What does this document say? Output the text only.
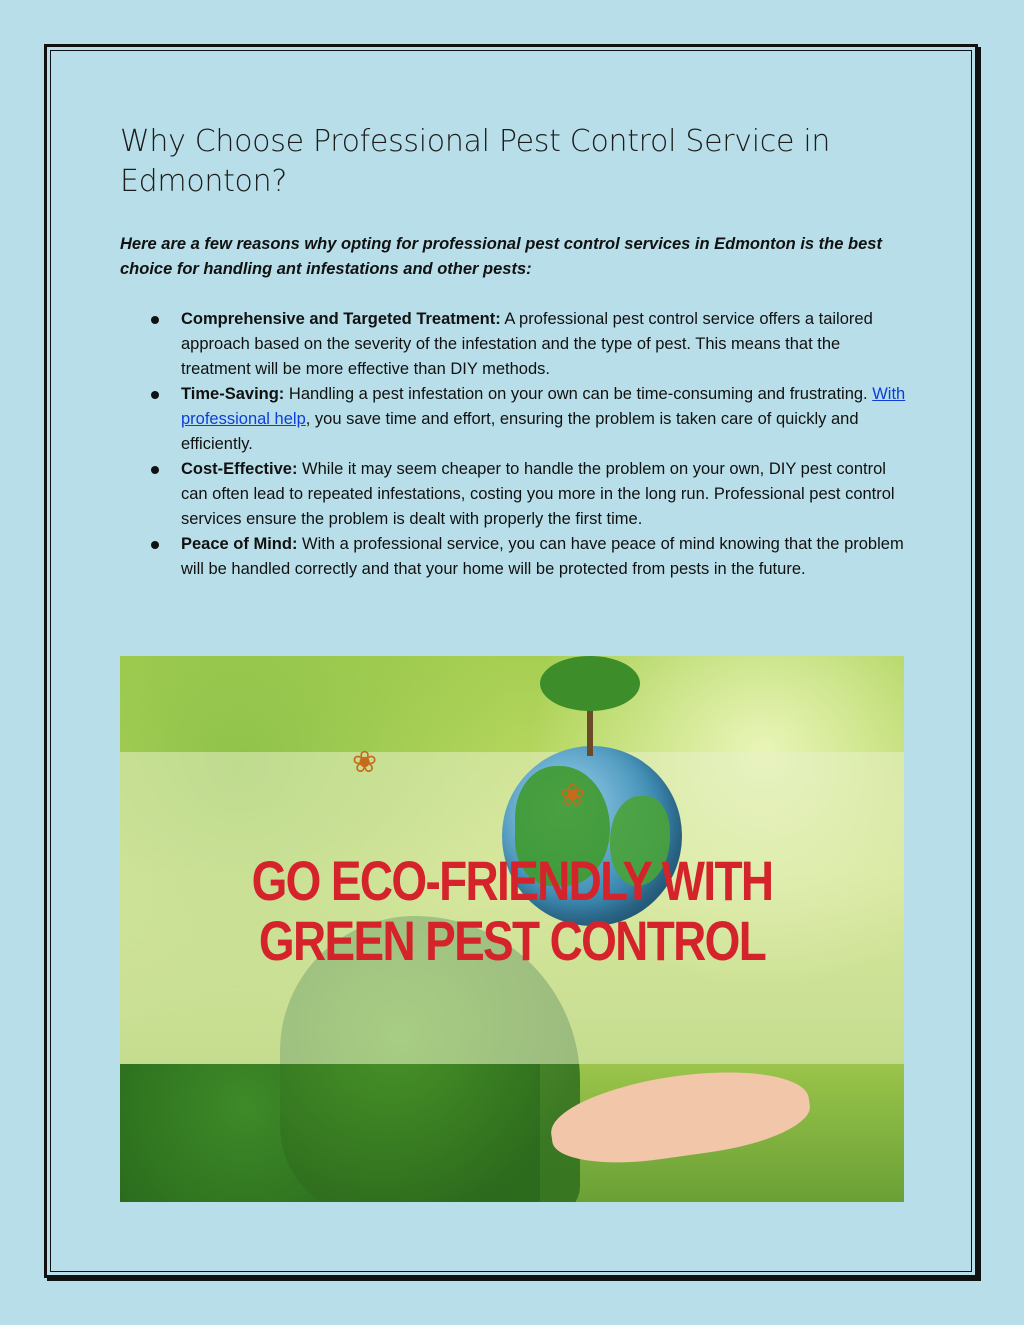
Why Choose Professional Pest Control Service in Edmonton?

Here are a few reasons why opting for professional pest control services in Edmonton is the best choice for handling ant infestations and other pests:

Comprehensive and Targeted Treatment: A professional pest control service offers a tailored approach based on the severity of the infestation and the type of pest. This means that the treatment will be more effective than DIY methods.
Time-Saving: Handling a pest infestation on your own can be time-consuming and frustrating. With professional help, you save time and effort, ensuring the problem is taken care of quickly and efficiently.
Cost-Effective: While it may seem cheaper to handle the problem on your own, DIY pest control can often lead to repeated infestations, costing you more in the long run. Professional pest control services ensure the problem is dealt with properly the first time.
Peace of Mind: With a professional service, you can have peace of mind knowing that the problem will be handled correctly and that your home will be protected from pests in the future.
❀
❀
GO ECO-FRIENDLY WITH
GREEN PEST CONTROL
